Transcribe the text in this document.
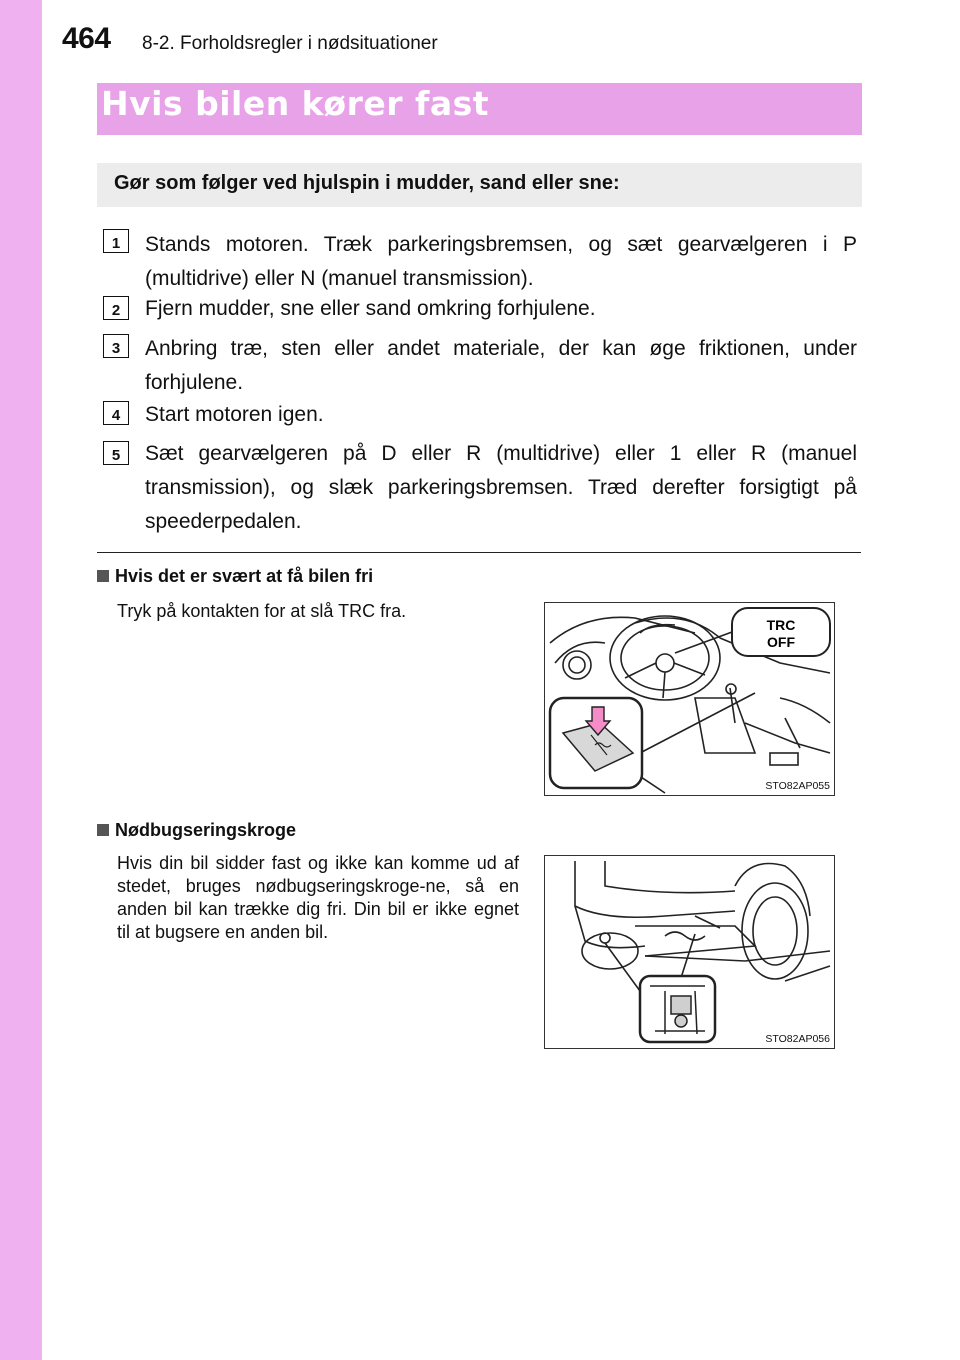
464 8-2. Forholdsregler i nødsituationer
Hvis bilen kører fast
Gør som følger ved hjulspin i mudder, sand eller sne:
1	Stands motoren. Træk parkeringsbremsen, og sæt gearvælgeren i P (multidrive) eller N (manuel transmission).
2	Fjern mudder, sne eller sand omkring forhjulene.
3	Anbring træ, sten eller andet materiale, der kan øge friktionen, under forhjulene.
4	Start motoren igen.
5	Sæt gearvælgeren på D eller R (multidrive) eller 1 eller R (manuel transmission), og slæk parkeringsbremsen. Træd derefter forsigtigt på speederpedalen.
Hvis det er svært at få bilen fri
Tryk på kontakten for at slå TRC fra.
TRC
OFF
STO82AP055
Nødbugseringskroge
Hvis din bil sidder fast og ikke kan komme ud af stedet, bruges nødbugseringskroge-ne, så en anden bil kan trække dig fri. Din bil er ikke egnet til at bugsere en anden bil.
STO82AP056
